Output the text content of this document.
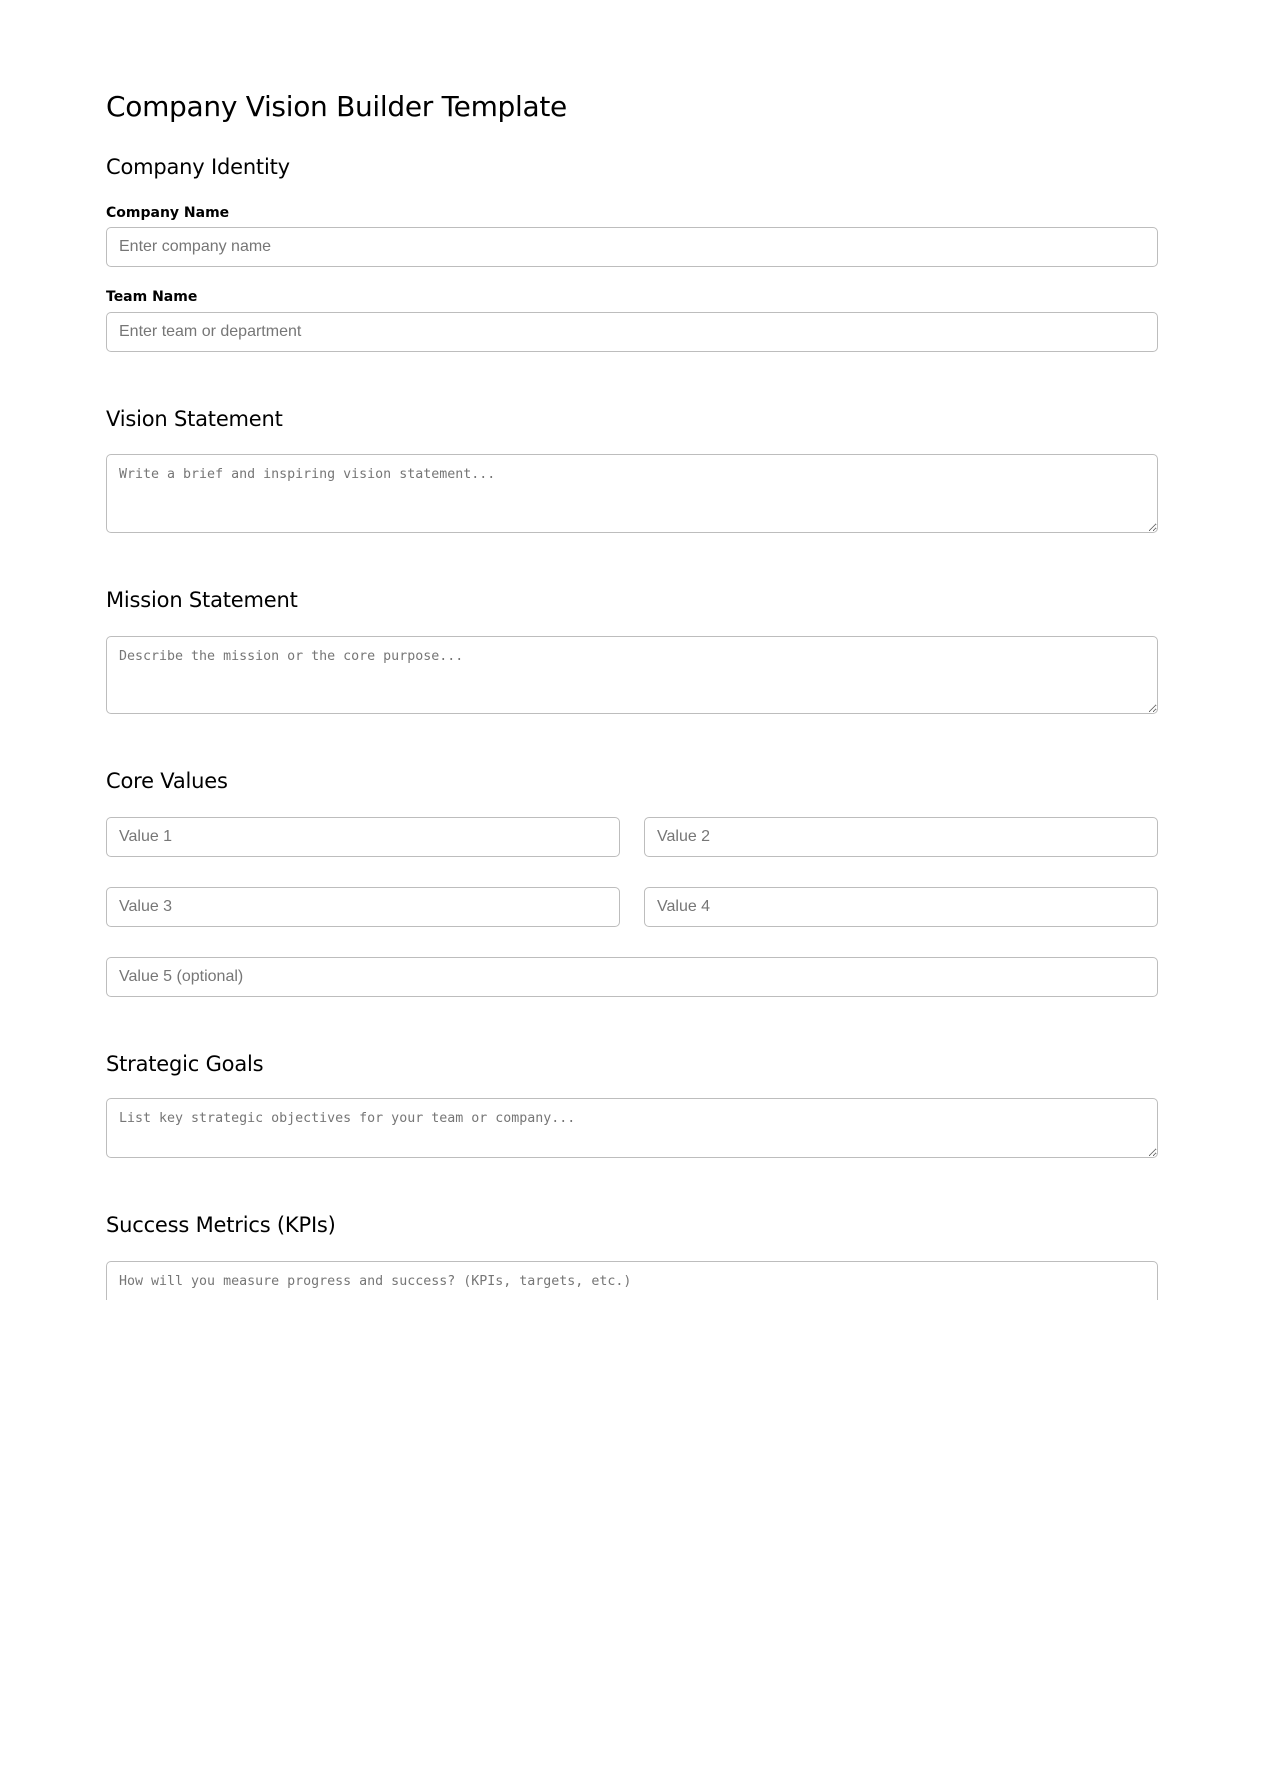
Company Vision Builder Template
Company Identity
Company Name
Enter company name
Team Name
Enter team or department
Vision Statement
Write a brief and inspiring vision statement...
Mission Statement
Describe the mission or the core purpose...
Core Values
Value 1
Value 2
Value 3
Value 4
Value 5 (optional)
Strategic Goals
List key strategic objectives for your team or company...
Success Metrics (KPIs)
How will you measure progress and success? (KPIs, targets, etc.)
